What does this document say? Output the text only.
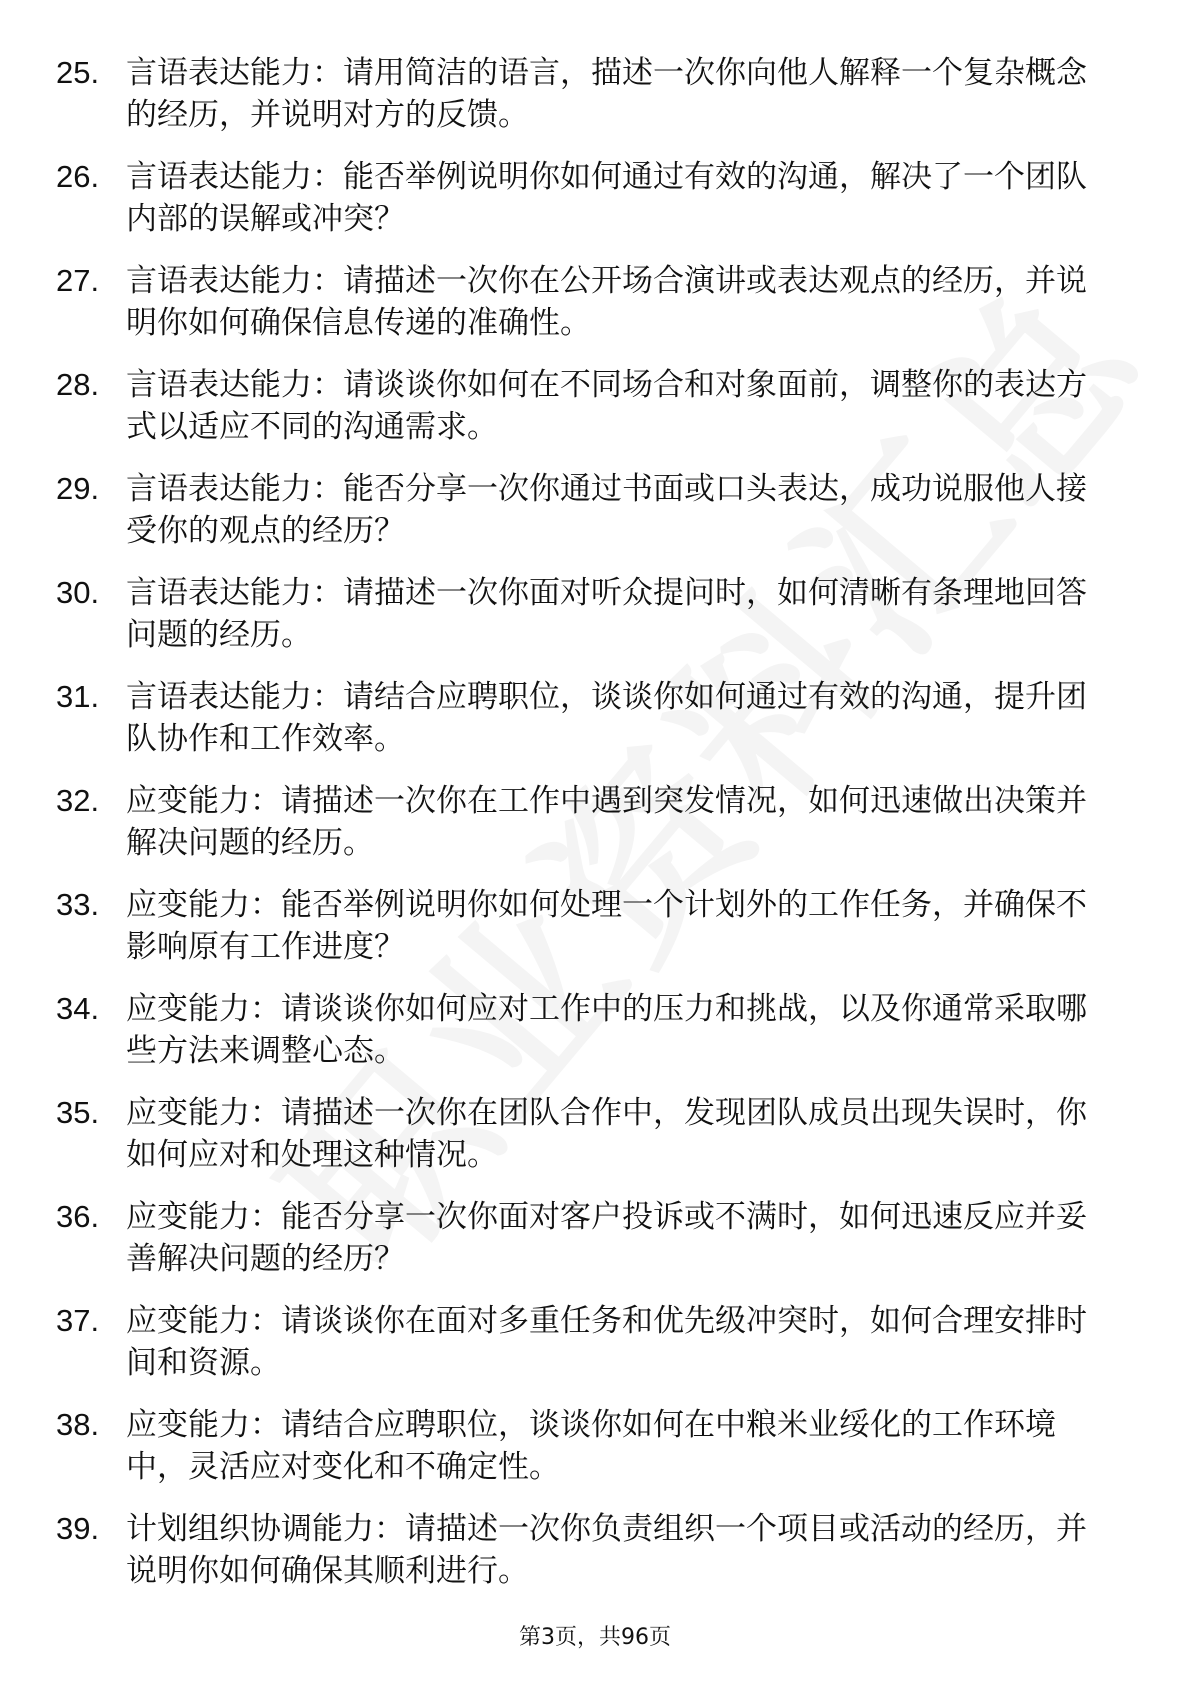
25. 言语表达能力：请用简洁的语言，描述一次你向他人解释一个复杂概念的经历，并说明对方的反馈。
26. 言语表达能力：能否举例说明你如何通过有效的沟通，解决了一个团队内部的误解或冲突？
27. 言语表达能力：请描述一次你在公开场合演讲或表达观点的经历，并说明你如何确保信息传递的准确性。
28. 言语表达能力：请谈谈你如何在不同场合和对象面前，调整你的表达方式以适应不同的沟通需求。
29. 言语表达能力：能否分享一次你通过书面或口头表达，成功说服他人接受你的观点的经历？
30. 言语表达能力：请描述一次你面对听众提问时，如何清晰有条理地回答问题的经历。
31. 言语表达能力：请结合应聘职位，谈谈你如何通过有效的沟通，提升团队协作和工作效率。
32. 应变能力：请描述一次你在工作中遇到突发情况，如何迅速做出决策并解决问题的经历。
33. 应变能力：能否举例说明你如何处理一个计划外的工作任务，并确保不影响原有工作进度？
34. 应变能力：请谈谈你如何应对工作中的压力和挑战，以及你通常采取哪些方法来调整心态。
35. 应变能力：请描述一次你在团队合作中，发现团队成员出现失误时，你如何应对和处理这种情况。
36. 应变能力：能否分享一次你面对客户投诉或不满时，如何迅速反应并妥善解决问题的经历？
37. 应变能力：请谈谈你在面对多重任务和优先级冲突时，如何合理安排时间和资源。
38. 应变能力：请结合应聘职位，谈谈你如何在中粮米业绥化的工作环境中，灵活应对变化和不确定性。
39. 计划组织协调能力：请描述一次你负责组织一个项目或活动的经历，并说明你如何确保其顺利进行。
第3页，共96页
